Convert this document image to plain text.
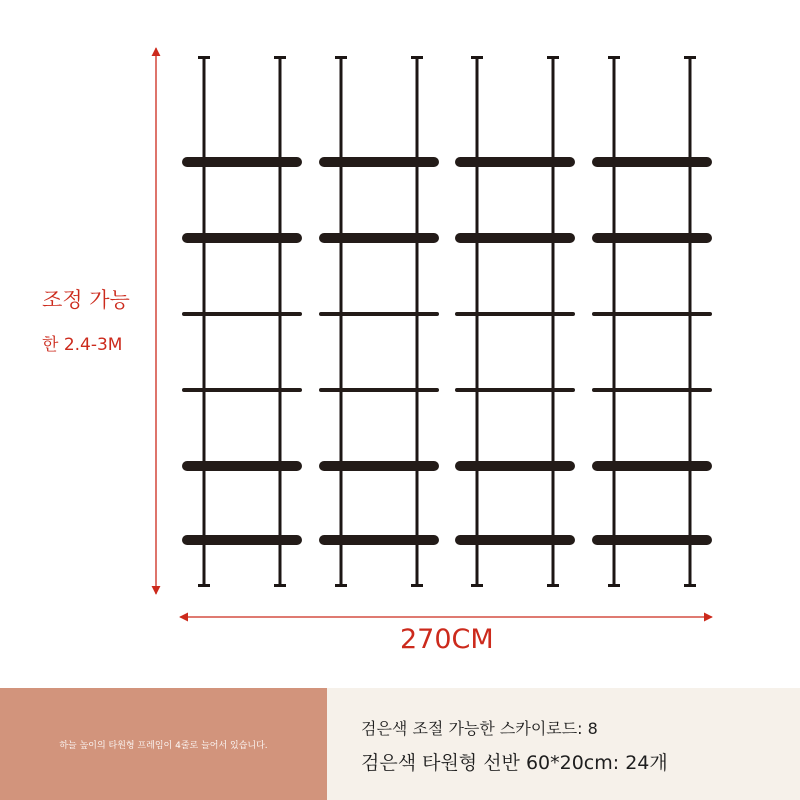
조정 가능
한 2.4-3M
270CM
하늘 높이의 타원형 프레임이 4줄로 늘어서 있습니다.
검은색 조절 가능한 스카이로드: 8
검은색 타원형 선반 60*20cm: 24개
